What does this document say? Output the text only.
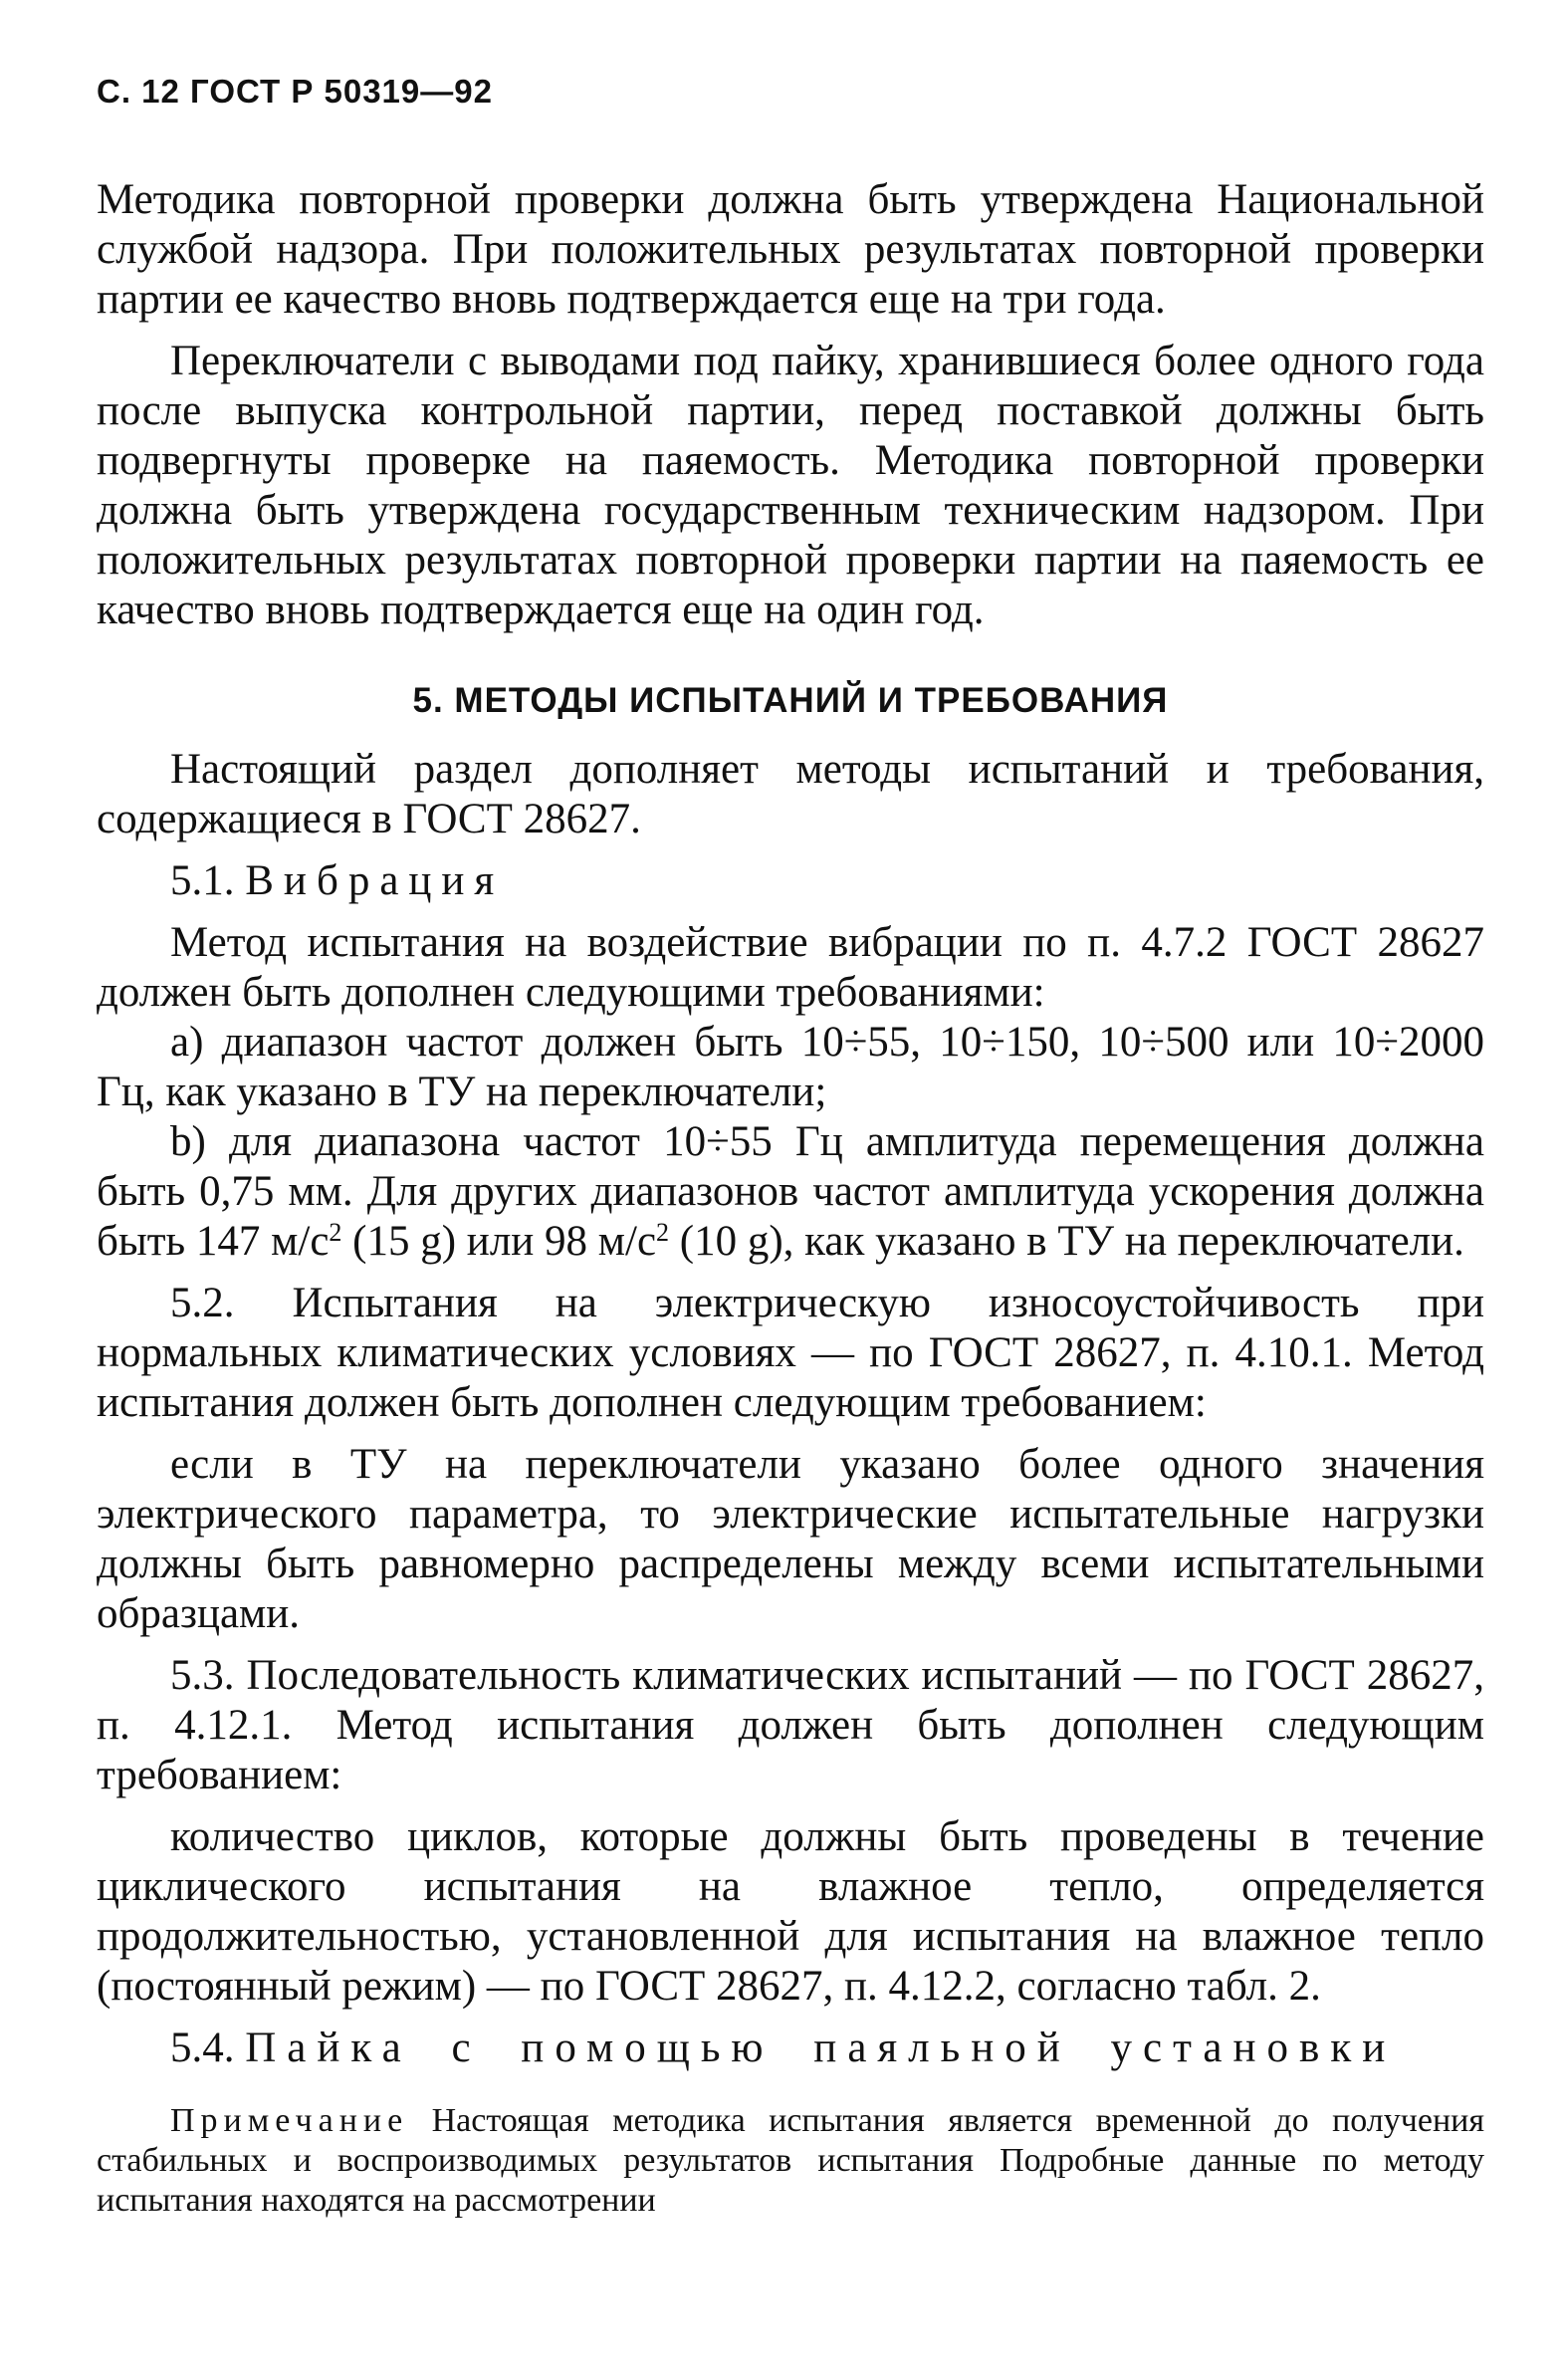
С. 12 ГОСТ Р 50319—92

Методика повторной проверки должна быть утверждена Национальной службой надзора. При положительных результатах повторной проверки партии ее качество вновь подтверждается еще на три года.

Переключатели с выводами под пайку, хранившиеся более одного года после выпуска контрольной партии, перед поставкой должны быть подвергнуты проверке на паяемость. Методика повторной проверки должна быть утверждена государственным техническим надзором. При положительных результатах повторной проверки партии на паяемость ее качество вновь подтверждается еще на один год.

5. МЕТОДЫ ИСПЫТАНИЙ И ТРЕБОВАНИЯ

Настоящий раздел дополняет методы испытаний и требования, содержащиеся в ГОСТ 28627.

5.1. Вибрация

Метод испытания на воздействие вибрации по п. 4.7.2 ГОСТ 28627 должен быть дополнен следующими требованиями:

а) диапазон частот должен быть 10÷55, 10÷150, 10÷500 или 10÷2000 Гц, как указано в ТУ на переключатели;

b) для диапазона частот 10÷55 Гц амплитуда перемещения должна быть 0,75 мм. Для других диапазонов частот амплитуда ускорения должна быть 147 $м/с^2$ (15 g) или 98 $м/с^2$ (10 g), как указано в ТУ на переключатели.

5.2. Испытания на электрическую износоустойчивость при нормальных климатических условиях — по ГОСТ 28627, п. 4.10.1. Метод испытания должен быть дополнен следующим требованием:

если в ТУ на переключатели указано более одного значения электрического параметра, то электрические испытательные нагрузки должны быть равномерно распределены между всеми испытательными образцами.

5.3. Последовательность климатических испытаний — по ГОСТ 28627, п. 4.12.1. Метод испытания должен быть дополнен следующим требованием:

количество циклов, которые должны быть проведены в течение циклического испытания на влажное тепло, определяется продолжительностью, установленной для испытания на влажное тепло (постоянный режим) — по ГОСТ 28627, п. 4.12.2, согласно табл. 2.

5.4. Пайка с помощью паяльной установки

Примечание Настоящая методика испытания является временной до получения стабильных и воспроизводимых результатов испытания Подробные данные по методу испытания находятся на рассмотрении
